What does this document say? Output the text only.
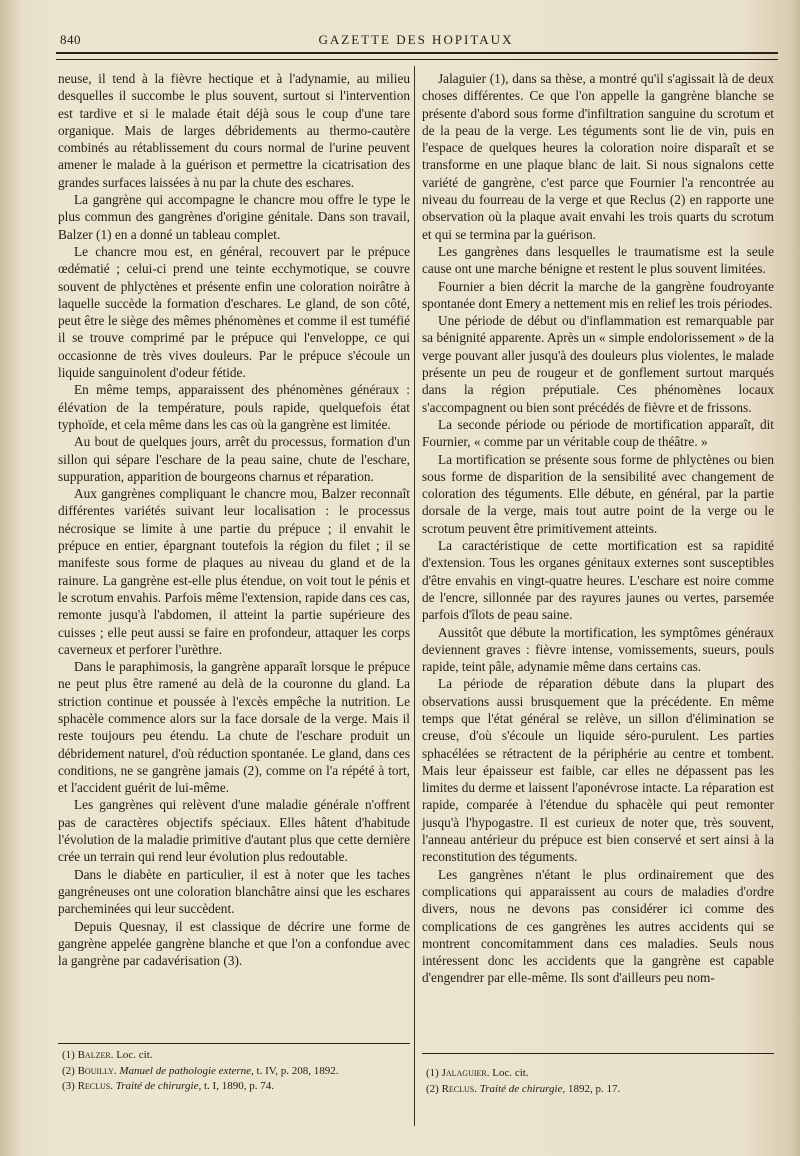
840	GAZETTE DES HOPITAUX

neuse, il tend à la fièvre hectique et à l'adynamie, au milieu desquelles il succombe le plus souvent, surtout si l'intervention est tardive et si le malade était déjà sous le coup d'une tare organique. Mais de larges débridements au thermo-cautère combinés au rétablissement du cours normal de l'urine peuvent amener le malade à la guérison et permettre la cicatrisation des grandes surfaces laissées à nu par la chute des eschares.

La gangrène qui accompagne le chancre mou offre le type le plus commun des gangrènes d'origine génitale. Dans son travail, Balzer (1) en a donné un tableau complet.

Le chancre mou est, en général, recouvert par le prépuce œdématié ; celui-ci prend une teinte ecchymotique, se couvre souvent de phlyctènes et présente enfin une coloration noirâtre à laquelle succède la formation d'eschares. Le gland, de son côté, peut être le siège des mêmes phénomènes et comme il est tuméfié il se trouve comprimé par le prépuce qui l'enveloppe, ce qui occasionne de très vives douleurs. Par le prépuce s'écoule un liquide sanguinolent d'odeur fétide.

En même temps, apparaissent des phénomènes généraux : élévation de la température, pouls rapide, quelquefois état typhoïde, et cela même dans les cas où la gangrène est limitée.

Au bout de quelques jours, arrêt du processus, formation d'un sillon qui sépare l'eschare de la peau saine, chute de l'eschare, suppuration, apparition de bourgeons charnus et réparation.

Aux gangrènes compliquant le chancre mou, Balzer reconnaît différentes variétés suivant leur localisation : le processus nécrosique se limite à une partie du prépuce ; il envahit le prépuce en entier, épargnant toutefois la région du filet ; il se manifeste sous forme de plaques au niveau du gland et de la rainure. La gangrène est-elle plus étendue, on voit tout le pénis et le scrotum envahis. Parfois même l'extension, rapide dans ces cas, remonte jusqu'à l'abdomen, il atteint la partie supérieure des cuisses ; elle peut aussi se faire en profondeur, attaquer les corps caverneux et perforer l'urèthre.

Dans le paraphimosis, la gangrène apparaît lorsque le prépuce ne peut plus être ramené au delà de la couronne du gland. La striction continue et poussée à l'excès empêche la nutrition. Le sphacèle commence alors sur la face dorsale de la verge. Mais il reste toujours peu étendu. La chute de l'eschare produit un débridement naturel, d'où réduction spontanée. Le gland, dans ces conditions, ne se gangrène jamais (2), comme on l'a répété à tort, et l'accident guérit de lui-même.

Les gangrènes qui relèvent d'une maladie générale n'offrent pas de caractères objectifs spéciaux. Elles hâtent d'habitude l'évolution de la maladie primitive d'autant plus que cette dernière crée un terrain qui rend leur évolution plus redoutable.

Dans le diabète en particulier, il est à noter que les taches gangréneuses ont une coloration blanchâtre ainsi que les eschares parcheminées qui leur succèdent.

Depuis Quesnay, il est classique de décrire une forme de gangrène appelée gangrène blanche et que l'on a confondue avec la gangrène par cadavérisation (3).

Jalaguier (1), dans sa thèse, a montré qu'il s'agissait là de deux choses différentes. Ce que l'on appelle la gangrène blanche se présente d'abord sous forme d'infiltration sanguine du scrotum et de la peau de la verge. Les téguments sont lie de vin, puis en l'espace de quelques heures la coloration noire disparaît et se transforme en une plaque blanc de lait. Si nous signalons cette variété de gangrène, c'est parce que Fournier l'a rencontrée au niveau du fourreau de la verge et que Reclus (2) en rapporte une observation où la plaque avait envahi les trois quarts du scrotum et qui se termina par la guérison.

Les gangrènes dans lesquelles le traumatisme est la seule cause ont une marche bénigne et restent le plus souvent limitées.

Fournier a bien décrit la marche de la gangrène foudroyante spontanée dont Emery a nettement mis en relief les trois périodes.

Une période de début ou d'inflammation est remarquable par sa bénignité apparente. Après un « simple endolorissement » de la verge pouvant aller jusqu'à des douleurs plus violentes, le malade présente un peu de rougeur et de gonflement surtout marqués dans la région préputiale. Ces phénomènes locaux s'accompagnent ou bien sont précédés de fièvre et de frissons.

La seconde période ou période de mortification apparaît, dit Fournier, « comme par un véritable coup de théâtre. »

La mortification se présente sous forme de phlyctènes ou bien sous forme de disparition de la sensibilité avec changement de coloration des téguments. Elle débute, en général, par la partie dorsale de la verge, mais tout autre point de la verge ou le scrotum peuvent être primitivement atteints.

La caractéristique de cette mortification est sa rapidité d'extension. Tous les organes génitaux externes sont susceptibles d'être envahis en vingt-quatre heures. L'eschare est noire comme de l'encre, sillonnée par des rayures jaunes ou vertes, parsemée parfois d'îlots de peau saine.

Aussitôt que débute la mortification, les symptômes généraux deviennent graves : fièvre intense, vomissements, sueurs, pouls rapide, teint pâle, adynamie même dans certains cas.

La période de réparation débute dans la plupart des observations aussi brusquement que la précédente. En même temps que l'état général se relève, un sillon d'élimination se creuse, d'où s'écoule un liquide séro-purulent. Les parties sphacélées se rétractent de la périphérie au centre et tombent. Mais leur épaisseur est faible, car elles ne dépassent pas les limites du derme et laissent l'aponévrose intacte. La réparation est rapide, comparée à l'étendue du sphacèle qui peut remonter jusqu'à l'hypogastre. Il est curieux de noter que, très souvent, l'anneau antérieur du prépuce est bien conservé et sert ainsi à la reconstitution des téguments.

Les gangrènes n'étant le plus ordinairement que des complications qui apparaissent au cours de maladies d'ordre divers, nous ne devons pas considérer ici comme des complications de ces gangrènes les autres accidents qui se montrent concomitamment dans ces maladies. Seuls nous intéressent donc les accidents que la gangrène est capable d'engendrer par elle-même. Ils sont d'ailleurs peu nom-

(1) Balzer. Loc. cit.
(2) Bouilly. Manuel de pathologie externe, t. IV, p. 208, 1892.
(3) Reclus. Traité de chirurgie, t. I, 1890, p. 74.
(1) Jalaguier. Loc. cit.
(2) Reclus. Traité de chirurgie, 1892, p. 17.
